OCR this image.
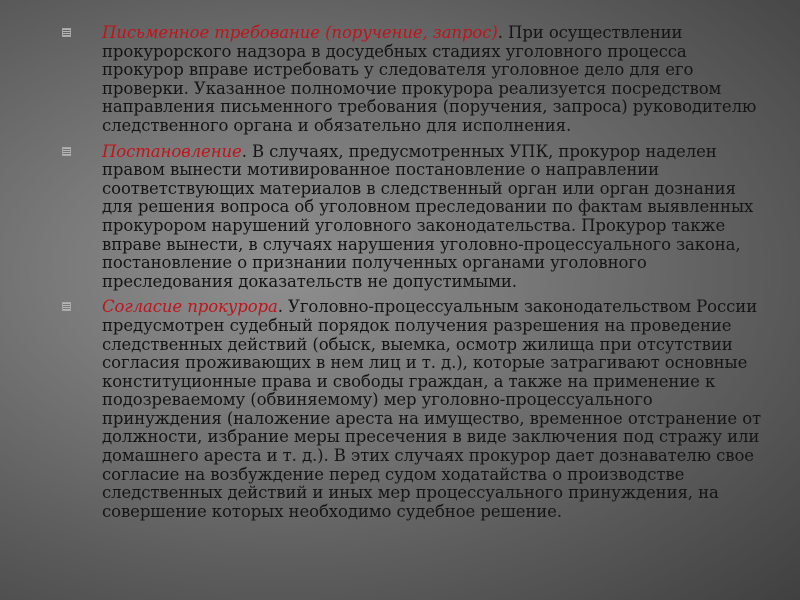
Письменное требование (поручение, запрос). При осуществлении прокурорского надзора в досудебных стадиях уголовного процесса прокурор вправе истребовать у следователя уголовное дело для его проверки. Указанное полномочие прокурора реализуется посредством направления письменного требования (поручения, запроса) руководителю следственного органа и обязательно для исполнения.

Постановление. В случаях, предусмотренных УПК, прокурор наделен правом вынести мотивированное постановление о направлении соответствующих материалов в следственный орган или орган дознания для решения вопроса об уголовном преследовании по фактам выявленных прокурором нарушений уголовного законодательства. Прокурор также вправе вынести, в случаях нарушения уголовно-процессуального закона, постановление о признании полученных органами уголовного преследования доказательств не допустимыми.

Согласие прокурора. Уголовно-процессуальным законодательством России предусмотрен судебный порядок получения разрешения на проведение следственных действий (обыск, выемка, осмотр жилища при отсутствии согласия проживающих в нем лиц и т. д.), которые затрагивают основные конституционные права и свободы граждан, а также на применение к подозреваемому (обвиняемому) мер уголовно-процессуального принуждения (наложение ареста на имущество, временное отстранение от должности, избрание меры пресечения в виде заключения под стражу или домашнего ареста и т. д.). В этих случаях прокурор дает дознавателю свое согласие на возбуждение перед судом ходатайства о производстве следственных действий и иных мер процессуального принуждения, на совершение которых необходимо судебное решение.
